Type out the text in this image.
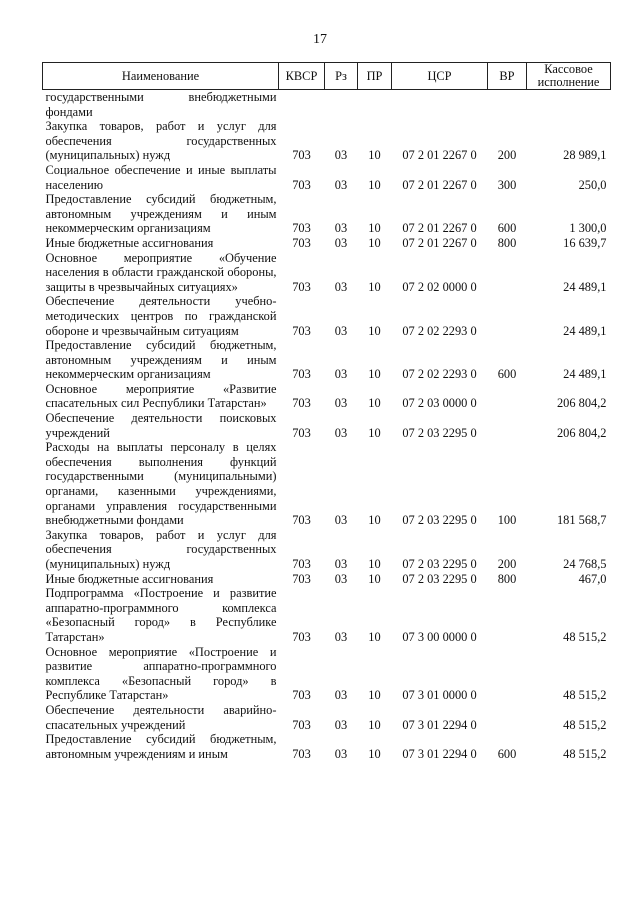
17
Наименование	КВСР	Рз	ПР	ЦСР	ВР	Кассовое исполнение
государственными внебюджетными фондами						
Закупка товаров, работ и услуг для обеспечения государственных (муниципальных) нужд	703	03	10	07 2 01 2267 0	200	28 989,1
Социальное обеспечение и иные выплаты населению	703	03	10	07 2 01 2267 0	300	250,0
Предоставление субсидий бюджетным, автономным учреждениям и иным некоммерческим организациям	703	03	10	07 2 01 2267 0	600	1 300,0
Иные бюджетные ассигнования	703	03	10	07 2 01 2267 0	800	16 639,7
Основное мероприятие «Обучение населения в области гражданской обороны, защиты в чрезвычайных ситуациях»	703	03	10	07 2 02 0000 0		24 489,1
Обеспечение деятельности учебно-методических центров по гражданской обороне и чрезвычайным ситуациям	703	03	10	07 2 02 2293 0		24 489,1
Предоставление субсидий бюджетным, автономным учреждениям и иным некоммерческим организациям	703	03	10	07 2 02 2293 0	600	24 489,1
Основное мероприятие «Развитие спасательных сил Республики Татарстан»	703	03	10	07 2 03 0000 0		206 804,2
Обеспечение деятельности поисковых учреждений	703	03	10	07 2 03 2295 0		206 804,2
Расходы на выплаты персоналу в целях обеспечения выполнения функций государственными (муниципальными) органами, казенными учреждениями, органами управления государственными внебюджетными фондами	703	03	10	07 2 03 2295 0	100	181 568,7
Закупка товаров, работ и услуг для обеспечения государственных (муниципальных) нужд	703	03	10	07 2 03 2295 0	200	24 768,5
Иные бюджетные ассигнования	703	03	10	07 2 03 2295 0	800	467,0
Подпрограмма «Построение и развитие аппаратно-программного комплекса «Безопасный город» в Республике Татарстан»	703	03	10	07 3 00 0000 0		48 515,2
Основное мероприятие «Построение и развитие аппаратно-программного комплекса «Безопасный город» в Республике Татарстан»	703	03	10	07 3 01 0000 0		48 515,2
Обеспечение деятельности аварийно-спасательных учреждений	703	03	10	07 3 01 2294 0		48 515,2
Предоставление субсидий бюджетным, автономным учреждениям и иным	703	03	10	07 3 01 2294 0	600	48 515,2
